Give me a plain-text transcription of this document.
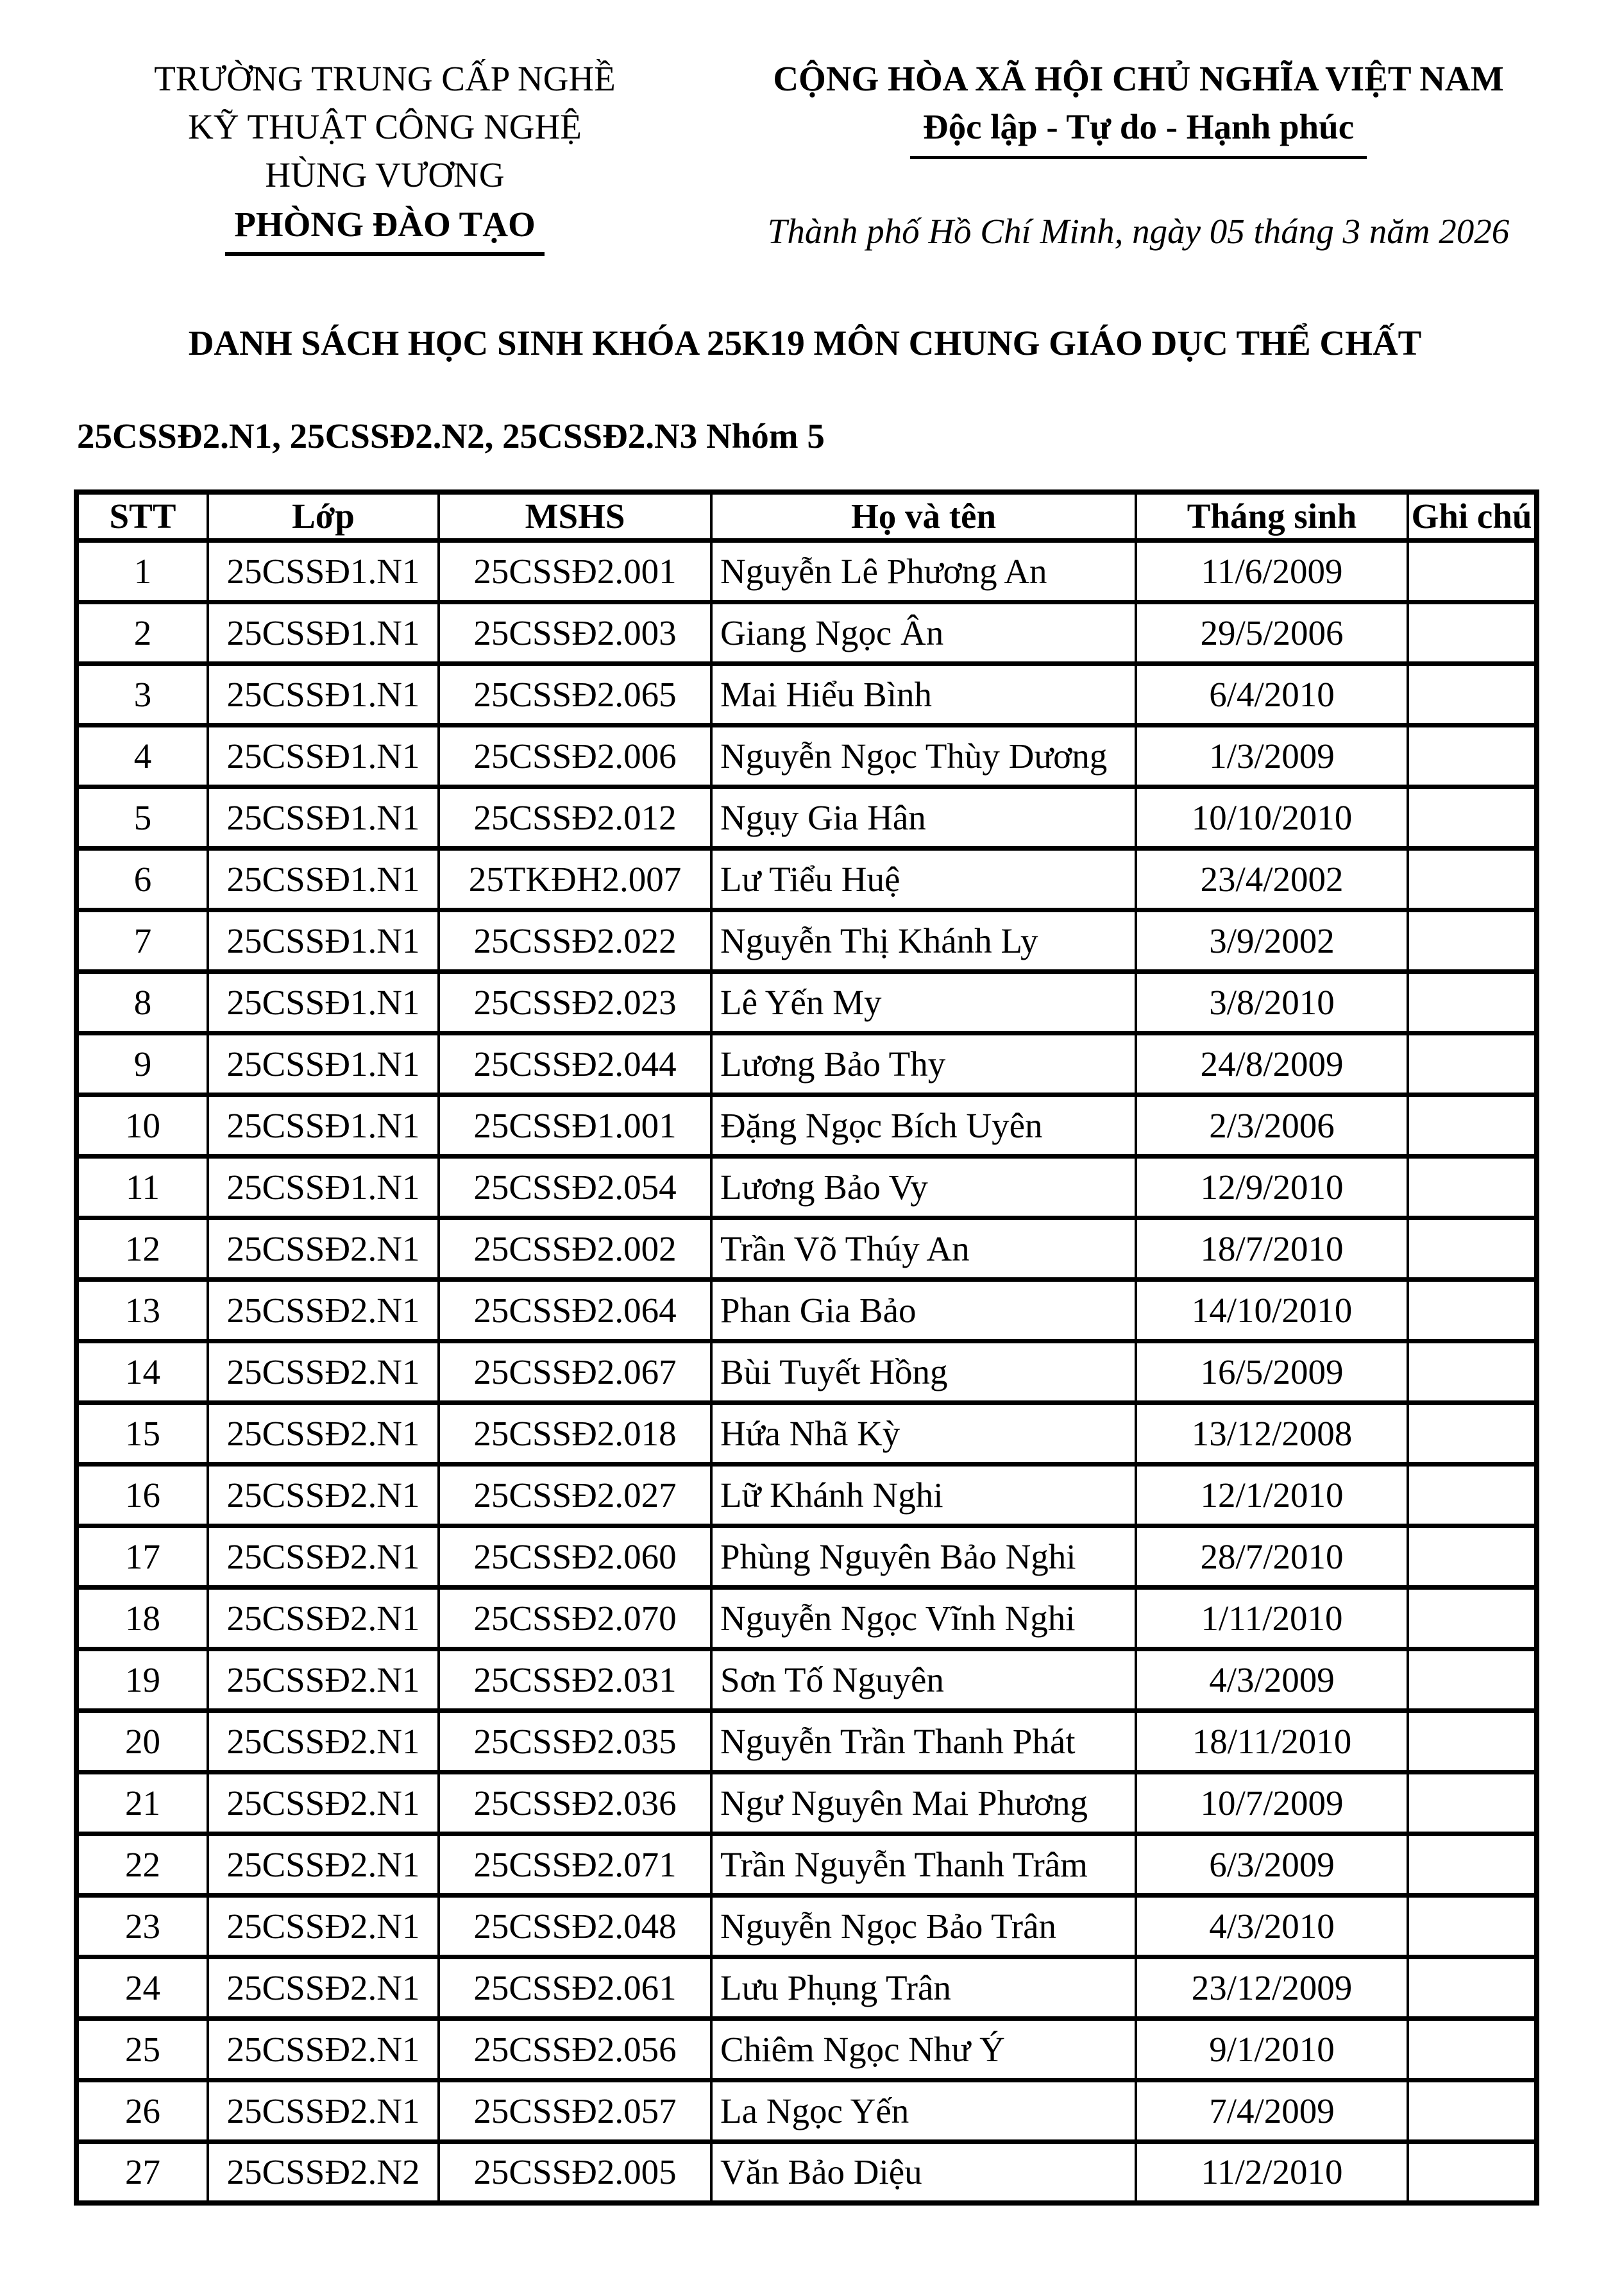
TRƯỜNG TRUNG CẤP NGHỀ
KỸ THUẬT CÔNG NGHỆ
HÙNG VƯƠNG
PHÒNG ĐÀO TẠO
CỘNG HÒA XÃ HỘI CHỦ NGHĨA VIỆT NAM
Độc lập - Tự do - Hạnh phúc
Thành phố Hồ Chí Minh, ngày 05 tháng 3 năm 2026
DANH SÁCH HỌC SINH KHÓA 25K19 MÔN CHUNG GIÁO DỤC THỂ CHẤT
25CSSĐ2.N1, 25CSSĐ2.N2, 25CSSĐ2.N3 Nhóm 5
STT	Lớp	MSHS	Họ và tên	Tháng sinh	Ghi chú
1	25CSSĐ1.N1	25CSSĐ2.001	Nguyễn Lê Phương An	11/6/2009	
2	25CSSĐ1.N1	25CSSĐ2.003	Giang Ngọc Ân	29/5/2006	
3	25CSSĐ1.N1	25CSSĐ2.065	Mai Hiểu Bình	6/4/2010	
4	25CSSĐ1.N1	25CSSĐ2.006	Nguyễn Ngọc Thùy Dương	1/3/2009	
5	25CSSĐ1.N1	25CSSĐ2.012	Ngụy Gia Hân	10/10/2010	
6	25CSSĐ1.N1	25TKĐH2.007	Lư Tiểu Huệ	23/4/2002	
7	25CSSĐ1.N1	25CSSĐ2.022	Nguyễn Thị Khánh Ly	3/9/2002	
8	25CSSĐ1.N1	25CSSĐ2.023	Lê Yến My	3/8/2010	
9	25CSSĐ1.N1	25CSSĐ2.044	Lương Bảo Thy	24/8/2009	
10	25CSSĐ1.N1	25CSSĐ1.001	Đặng Ngọc Bích Uyên	2/3/2006	
11	25CSSĐ1.N1	25CSSĐ2.054	Lương Bảo Vy	12/9/2010	
12	25CSSĐ2.N1	25CSSĐ2.002	Trần Võ Thúy An	18/7/2010	
13	25CSSĐ2.N1	25CSSĐ2.064	Phan Gia Bảo	14/10/2010	
14	25CSSĐ2.N1	25CSSĐ2.067	Bùi Tuyết Hồng	16/5/2009	
15	25CSSĐ2.N1	25CSSĐ2.018	Hứa Nhã Kỳ	13/12/2008	
16	25CSSĐ2.N1	25CSSĐ2.027	Lữ Khánh Nghi	12/1/2010	
17	25CSSĐ2.N1	25CSSĐ2.060	Phùng Nguyên Bảo Nghi	28/7/2010	
18	25CSSĐ2.N1	25CSSĐ2.070	Nguyễn Ngọc Vĩnh Nghi	1/11/2010	
19	25CSSĐ2.N1	25CSSĐ2.031	Sơn Tố Nguyên	4/3/2009	
20	25CSSĐ2.N1	25CSSĐ2.035	Nguyễn Trần Thanh Phát	18/11/2010	
21	25CSSĐ2.N1	25CSSĐ2.036	Ngư Nguyên Mai Phương	10/7/2009	
22	25CSSĐ2.N1	25CSSĐ2.071	Trần Nguyễn Thanh Trâm	6/3/2009	
23	25CSSĐ2.N1	25CSSĐ2.048	Nguyễn Ngọc Bảo Trân	4/3/2010	
24	25CSSĐ2.N1	25CSSĐ2.061	Lưu Phụng Trân	23/12/2009	
25	25CSSĐ2.N1	25CSSĐ2.056	Chiêm Ngọc Như Ý	9/1/2010	
26	25CSSĐ2.N1	25CSSĐ2.057	La Ngọc Yến	7/4/2009	
27	25CSSĐ2.N2	25CSSĐ2.005	Văn Bảo Diệu	11/2/2010	
